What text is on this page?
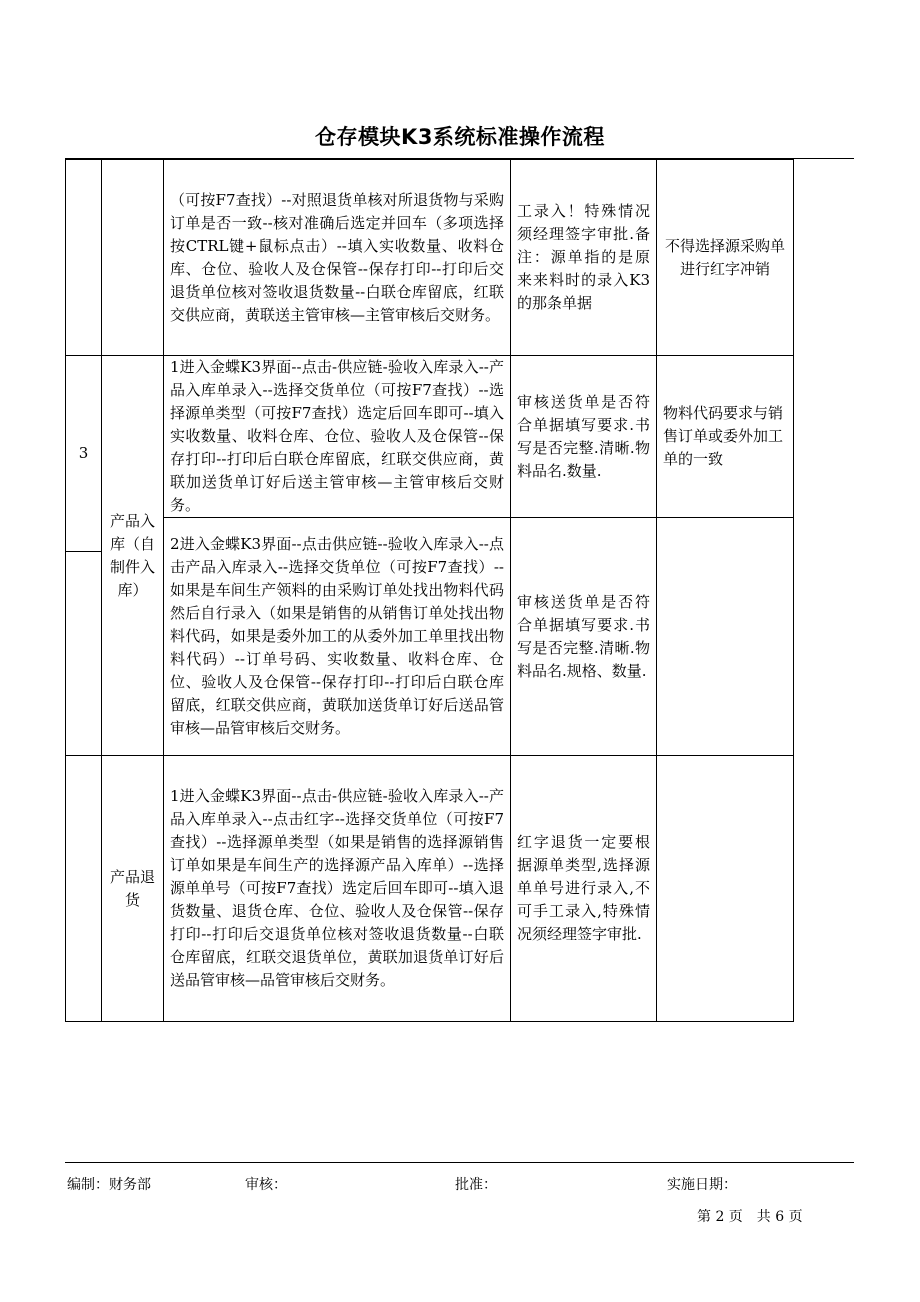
仓存模块K3系统标准操作流程
		（可按F7查找）--对照退货单核对所退货物与采购订单是否一致--核对准确后选定并回车（多项选择按CTRL键+鼠标点击）--填入实收数量、收料仓库、仓位、验收人及仓保管--保存打印--打印后交退货单位核对签收退货数量--白联仓库留底，红联交供应商，黄联送主管审核—主管审核后交财务。	工录入！特殊情况须经理签字审批.备注：源单指的是原来来料时的录入K3的那条单据	不得选择源采购单进行红字冲销
3	产品入库（自制件入库）	1进入金蝶K3界面--点击-供应链-验收入库录入--产品入库单录入--选择交货单位（可按F7查找）--选择源单类型（可按F7查找）选定后回车即可--填入实收数量、收料仓库、仓位、验收人及仓保管--保存打印--打印后白联仓库留底，红联交供应商，黄联加送货单订好后送主管审核—主管审核后交财务。	审核送货单是否符合单据填写要求.书写是否完整.清晰.物料品名.数量.	物料代码要求与销售订单或委外加工单的一致
		2进入金蝶K3界面--点击供应链--验收入库录入--点击产品入库录入--选择交货单位（可按F7查找）--如果是车间生产领料的由采购订单处找出物料代码然后自行录入（如果是销售的从销售订单处找出物料代码，如果是委外加工的从委外加工单里找出物料代码）--订单号码、实收数量、收料仓库、仓位、验收人及仓保管--保存打印--打印后白联仓库留底，红联交供应商，黄联加送货单订好后送品管审核—品管审核后交财务。	审核送货单是否符合单据填写要求.书写是否完整.清晰.物料品名.规格、数量.	

	产品退货	1进入金蝶K3界面--点击-供应链-验收入库录入--产品入库单录入--点击红字--选择交货单位（可按F7查找）--选择源单类型（如果是销售的选择源销售订单如果是车间生产的选择源产品入库单）--选择源单单号（可按F7查找）选定后回车即可--填入退货数量、退货仓库、仓位、验收人及仓保管--保存打印--打印后交退货单位核对签收退货数量--白联仓库留底，红联交退货单位，黄联加退货单订好后送品管审核—品管审核后交财务。	红字退货一定要根据源单类型,选择源单单号进行录入,不可手工录入,特殊情况须经理签字审批.	
编制：财务部	审核：	批准：	实施日期：
第 2 页　共 6 页
